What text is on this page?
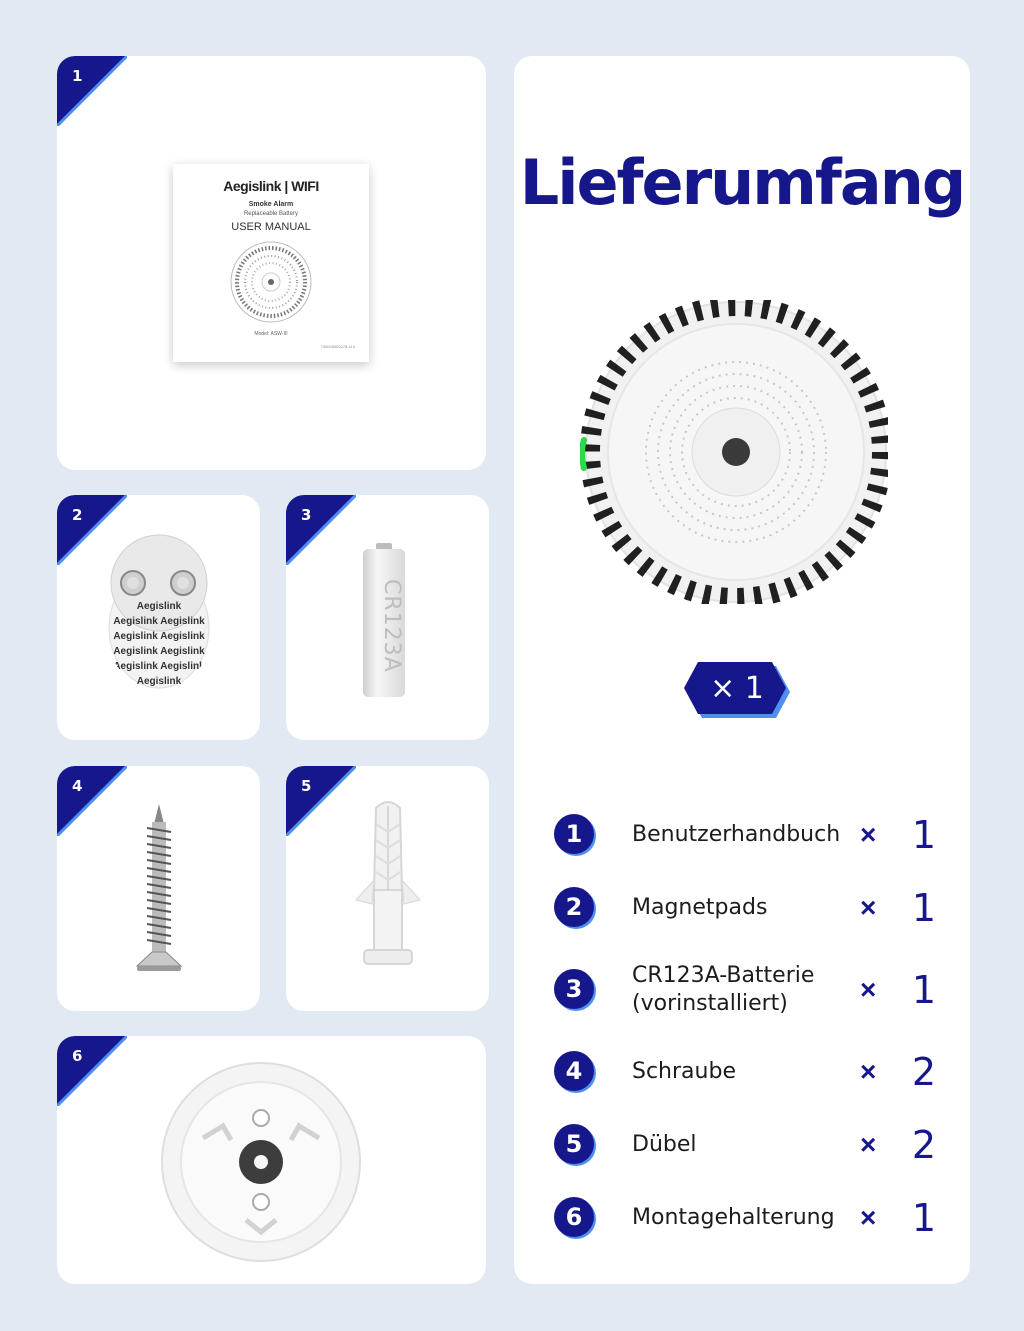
1
Aegislink | WIFI
Smoke Alarm
Replaceable Battery
USER MANUAL
Model: ASW-III
730005000278-113
2
Aegislink
Aegislink Aegislink
Aegislink Aegislink
Aegislink Aegislink
Aegislink Aegislink
Aegislink
3
CR123A
4	5
6
Lieferumfang
× 1
1	Benutzerhandbuch × 1
2	Magnetpads	× 1
3	CR123A-Batterie (vorinstalliert)	× 1
4	Schraube	× 2
5	Dübel	× 2
6	Montagehalterung × 1
